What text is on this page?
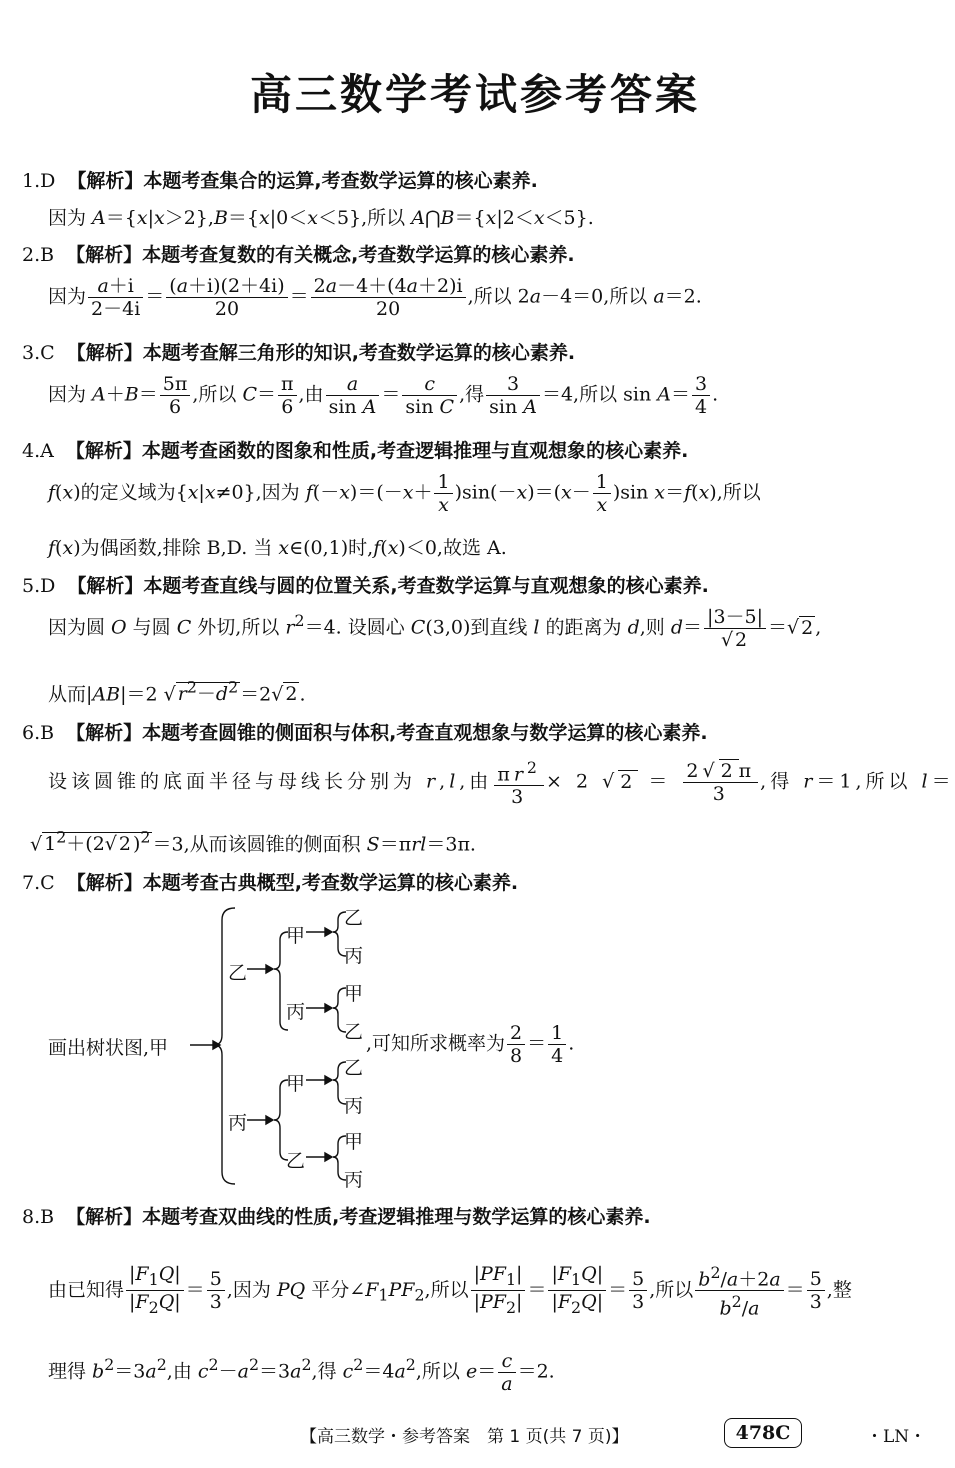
高三数学考试参考答案
1.D 【解析】本题考查集合的运算,考查数学运算的核心素养.
因为 A＝{x|x＞2},B＝{x|0＜x＜5},所以 A⋂B＝{x|2＜x＜5}.
2.B 【解析】本题考查复数的有关概念,考查数学运算的核心素养.
因为 $\frac{a+i}{2-4i} = \frac{(a+i)(2+4i)}{20} = \frac{2a-4+(4a+2)i}{20}$ ,所以 2a－4＝0,所以 a＝2.
3.C 【解析】本题考查解三角形的知识,考查数学运算的核心素养.
因为 $A+B= \frac{5\pi}{6}$ ,所以 $C= \frac{\pi}{6}$ ,由 $\frac{a}{\text{sin A}} = \frac{c}{\text{sin C}}$ ,得 $\frac{3}{\text{sin A}} =4$,所以 $\sin A= \frac{3}{4}$ .
4.A 【解析】本题考查函数的图象和性质,考查逻辑推理与直观想象的核心素养.
f(x)的定义域为{x|x≠0},因为 $f(-x)=(-x+ \frac{1}{x} )\sin(-x)=(x- \frac{1}{x} )\sin$ x＝f(x),所以
f(x)为偶函数,排除 B,D. 当 x∈(0,1)时,f(x)＜0,故选 A.
5.D 【解析】本题考查直线与圆的位置关系,考查数学运算与直观想象的核心素养.
因为圆 O 与圆 C 外切,所以 $r^2=4$. 设圆心 C(3,0)到直线 l 的距离为 d,则 $d= \frac{|3-5|}{√ 2}$ ＝√ 2 ,
从而|AB|＝2 √ $r^2-d^2 =2√$ 2 .
6.B 【解析】本题考查圆锥的侧面积与体积,考查直观想象与数学运算的核心素养.
设该圆锥的底面半径与母线长分别为 r,l,由 $\frac{\pi r^2}{3} \times 2$ √ $2 = \frac{2√ 2 \pi}{3}$ ,得 r＝1,所以 l＝
√ $1^2+(2√$ 2 )$^2$ ＝3,从而该圆锥的侧面积 S＝πrl＝3π.
7.C 【解析】本题考查古典概型,考查数学运算的核心素养.
画出树状图,甲
乙
丙
甲
丙
甲
乙
乙
丙
甲
乙
乙
丙
甲
丙
,可知所求概率为 $\frac{2}{8} = \frac{1}{4}$ .
8.B 【解析】本题考查双曲线的性质,考查逻辑推理与数学运算的核心素养.
由已知得 $\frac{|F_1Q|}{|F_2Q|} = \frac{5}{3}$ ,因为 PQ 平分$\angle F_1PF_2$,所以 $\frac{|PF_1|}{|PF_2|} = \frac{|F_1Q|}{|F_2Q|} = \frac{5}{3}$ ,所以 $\frac{b^2/a+2a}{b^2/a} = \frac{5}{3}$ ,整
理得 $b^2=3a^2$,由 $c^2-a^2=3a^2$,得 $c^2=4a^2$,所以 $e= \frac{c}{a} =2$.
【高三数学・参考答案　第 1 页(共 7 页)】	478C	・LN・
